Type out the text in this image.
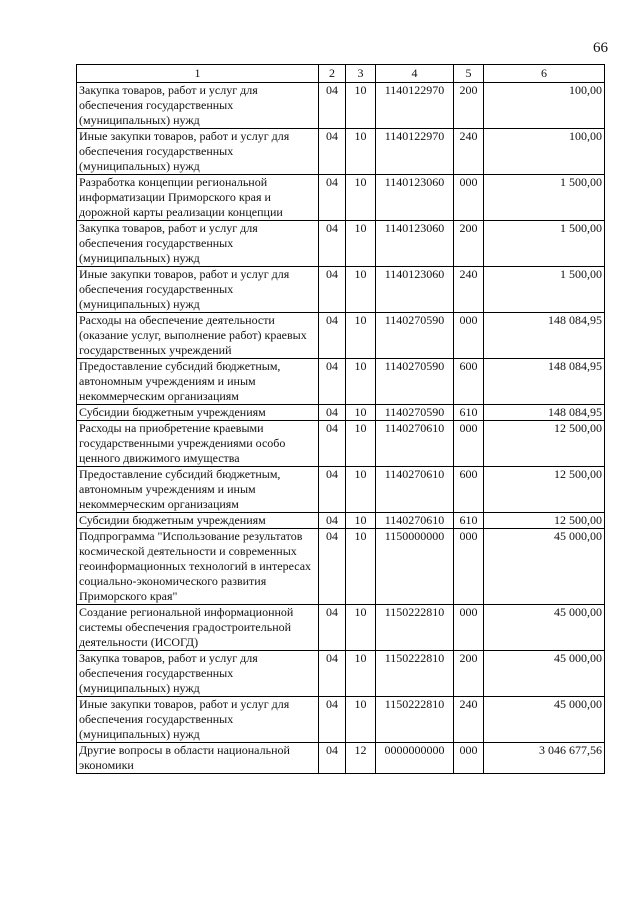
66
1	2	3	4	5	6
Закупка товаров, работ и услуг для обеспечения государственных (муниципальных) нужд	04	10	1140122970	200	100,00
Иные закупки товаров, работ и услуг для обеспечения государственных (муниципальных) нужд	04	10	1140122970	240	100,00
Разработка концепции региональной информатизации Приморского края и дорожной карты реализации концепции	04	10	1140123060	000	1 500,00
Закупка товаров, работ и услуг для обеспечения государственных (муниципальных) нужд	04	10	1140123060	200	1 500,00
Иные закупки товаров, работ и услуг для обеспечения государственных (муниципальных) нужд	04	10	1140123060	240	1 500,00
Расходы на обеспечение деятельности (оказание услуг, выполнение работ) краевых государственных учреждений	04	10	1140270590	000	148 084,95
Предоставление субсидий бюджетным, автономным учреждениям и иным некоммерческим организациям	04	10	1140270590	600	148 084,95
Субсидии бюджетным учреждениям	04	10	1140270590	610	148 084,95
Расходы на приобретение краевыми государственными учреждениями особо ценного движимого имущества	04	10	1140270610	000	12 500,00
Предоставление субсидий бюджетным, автономным учреждениям и иным некоммерческим организациям	04	10	1140270610	600	12 500,00
Субсидии бюджетным учреждениям	04	10	1140270610	610	12 500,00
Подпрограмма "Использование результатов космической деятельности и современных геоинформационных технологий в интересах социально-экономического развития Приморского края"	04	10	1150000000	000	45 000,00
Создание региональной информационной системы обеспечения градостроительной деятельности (ИСОГД)	04	10	1150222810	000	45 000,00
Закупка товаров, работ и услуг для обеспечения государственных (муниципальных) нужд	04	10	1150222810	200	45 000,00
Иные закупки товаров, работ и услуг для обеспечения государственных (муниципальных) нужд	04	10	1150222810	240	45 000,00
Другие вопросы в области национальной экономики	04	12	0000000000	000	3 046 677,56
